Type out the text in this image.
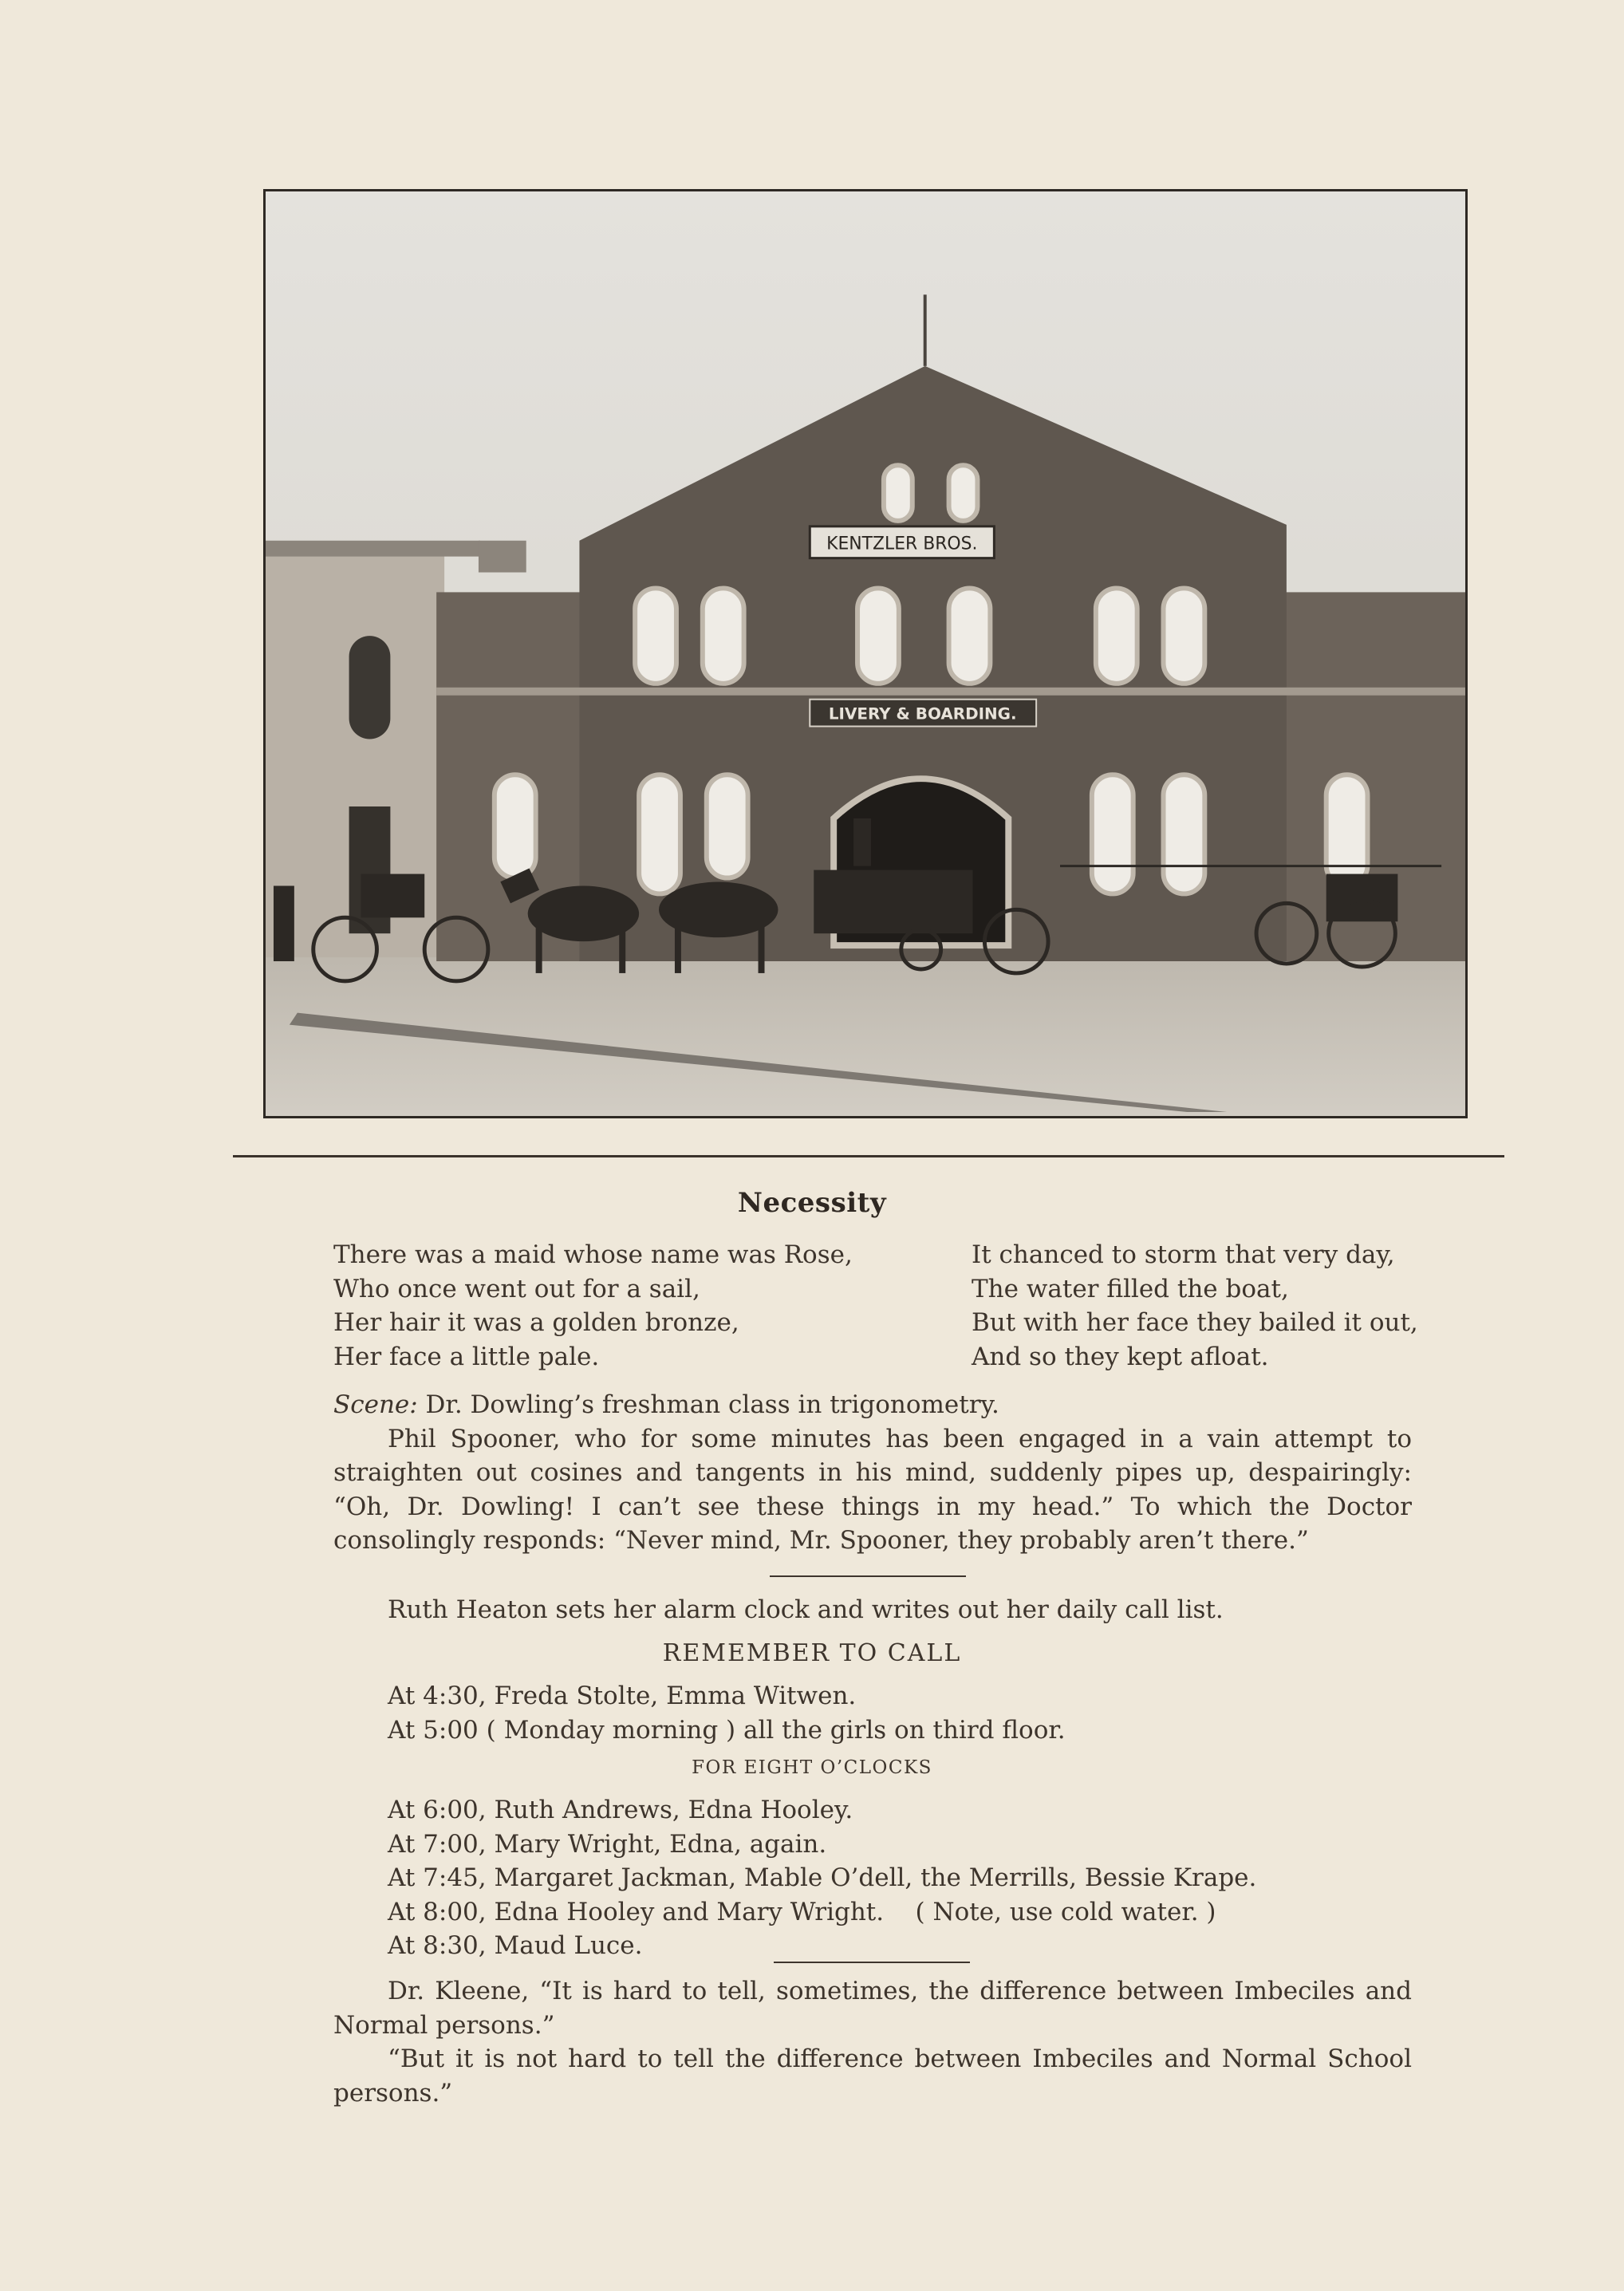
KENTZLER BROS.
LIVERY & BOARDING.
Necessity
There was a maid whose name was Rose,
Who once went out for a sail,
Her hair it was a golden bronze,
Her face a little pale.
It chanced to storm that very day,
The water filled the boat,
But with her face they bailed it out,
And so they kept afloat.

Scene: Dr. Dowling’s freshman class in trigonometry.

Phil Spooner, who for some minutes has been engaged in a vain attempt to straighten out cosines and tangents in his mind, suddenly pipes up, despairingly: “Oh, Dr. Dowling! I can’t see these things in my head.” To which the Doctor consolingly responds: “Never mind, Mr. Spooner, they probably aren’t there.”

Ruth Heaton sets her alarm clock and writes out her daily call list.
REMEMBER TO CALL
At 4:30, Freda Stolte, Emma Witwen.
At 5:00 ( Monday morning ) all the girls on third floor.
FOR EIGHT O’CLOCKS
At 6:00, Ruth Andrews, Edna Hooley.
At 7:00, Mary Wright, Edna, again.
At 7:45, Margaret Jackman, Mable O’dell, the Merrills, Bessie Krape.
At 8:00, Edna Hooley and Mary Wright.    ( Note, use cold water. )
At 8:30, Maud Luce.

Dr. Kleene, “It is hard to tell, sometimes, the difference between Imbeciles and Normal persons.”

“But it is not hard to tell the difference between Imbeciles and Normal School persons.”
